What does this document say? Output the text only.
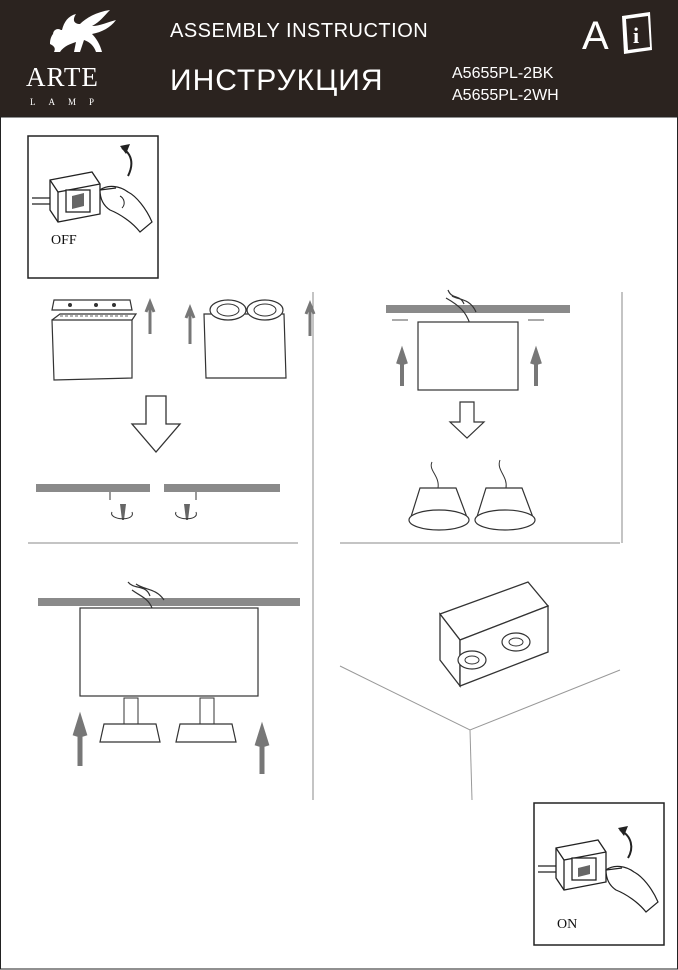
ARTE
LAMP
ASSEMBLY INSTRUCTION
ИНСТРУКЦИЯ
A i
A5655PL-2BK
A5655PL-2WH
OFF
ON
